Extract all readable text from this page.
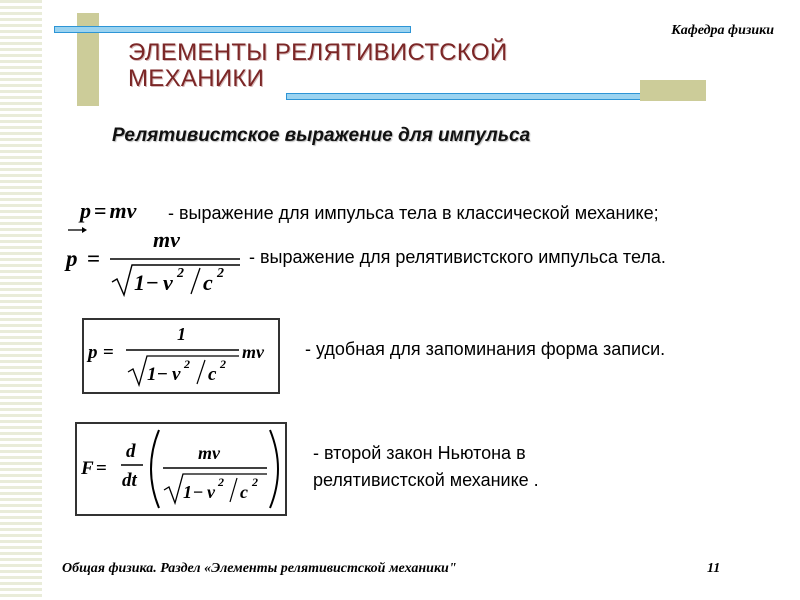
Кафедра физики
ЭЛЕМЕНТЫ РЕЛЯТИВИСТСКОЙ
МЕХАНИКИ
Релятивистское выражение для импульса
p = mv - выражение для импульса тела в классической механике;
p =
mv
1 − v 2 c 2
- выражение для релятивистского импульса тела.
p =
1
1 − v 2 c 2
mv - удобная для запоминания форма записи.
F =
d
dt
mv
1 − v 2 c 2
- второй закон Ньютона в
релятивистской механике .
Общая физика. Раздел «Элементы релятивистской механики"	11
